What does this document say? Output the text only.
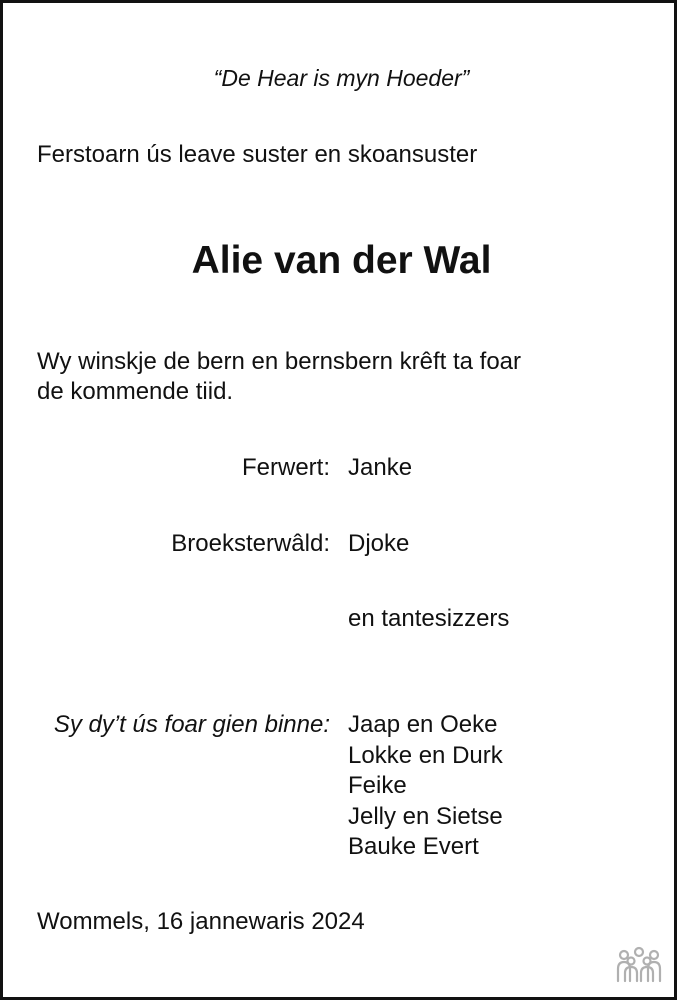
“De Hear is myn Hoeder”
Ferstoarn ús leave suster en skoansuster
Alie van der Wal
Wy winskje de bern en bernsbern krêft ta foar
de kommende tiid.
Ferwert: Janke
Broeksterwâld: Djoke
en tantesizzers
Sy dy’t ús foar gien binne: Jaap en Oeke
Lokke en Durk
Feike
Jelly en Sietse
Bauke Evert
Wommels, 16 jannewaris 2024
